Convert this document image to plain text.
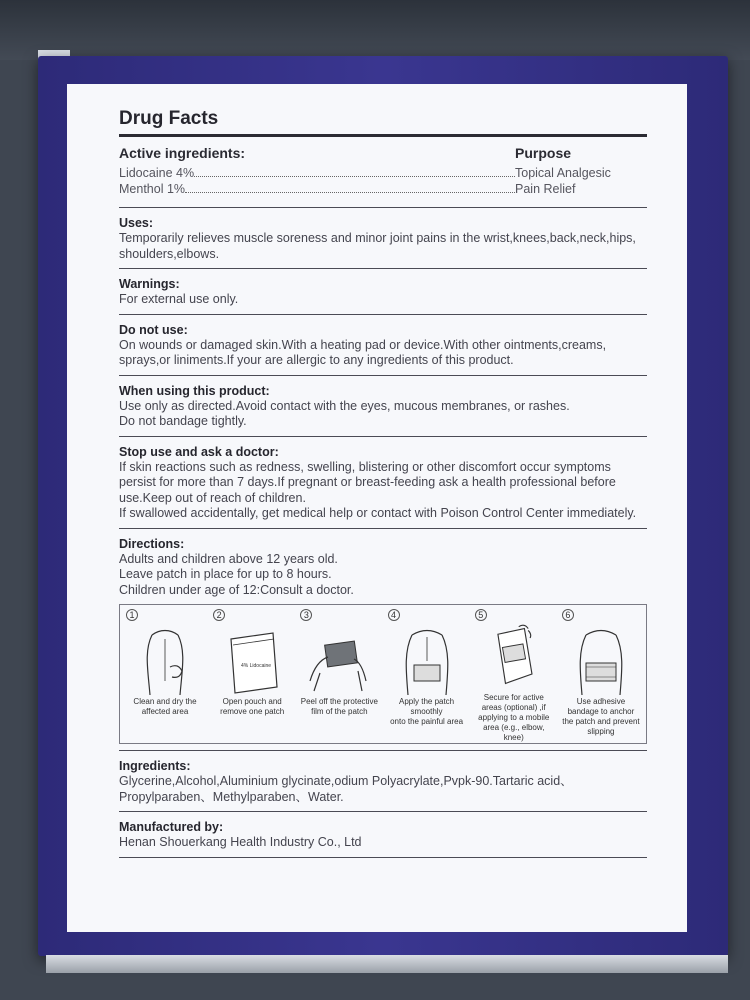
Drug Facts
Active ingredients:	Purpose
Lidocaine 4%	Topical Analgesic
Menthol 1%	Pain Relief
Uses:

Temporarily relieves muscle soreness and minor joint pains in the wrist,knees,back,neck,hips, shoulders,elbows.

Warnings:

For external use only.

Do not use:

On wounds or damaged skin.With a heating pad or device.With other ointments,creams, sprays,or liniments.If your are allergic to any ingredients of this product.

When using this product:

Use only as directed.Avoid contact with the eyes, mucous membranes, or rashes.

Do not bandage tightly.

Stop use and ask a doctor:

If skin reactions such as redness, swelling, blistering or other discomfort occur symptoms persist for more than 7 days.If pregnant or breast-feeding ask a health professional before use.Keep out of reach of children.

If swallowed accidentally, get medical help or contact with Poison Control Center immediately.

Directions:

Adults and children above 12 years old.

Leave patch in place for up to 8 hours.

Children under age of 12:Consult a doctor.

1
Clean and dry the affected area
2
4% Lidocaine
Open pouch and remove one patch
3
Peel off the protective film of the patch
4
Apply the patch smoothly
onto the painful area
5
Secure for active areas (optional) ,if applying to a mobile area (e.g., elbow, knee)
6
Use adhesive bandage to anchor the patch and prevent slipping
Ingredients:

Glycerine,Alcohol,Aluminium glycinate,odium Polyacrylate,Pvpk-90.Tartaric acid、Propylparaben、Methylparaben、Water.

Manufactured by:

Henan Shouerkang Health Industry Co., Ltd
